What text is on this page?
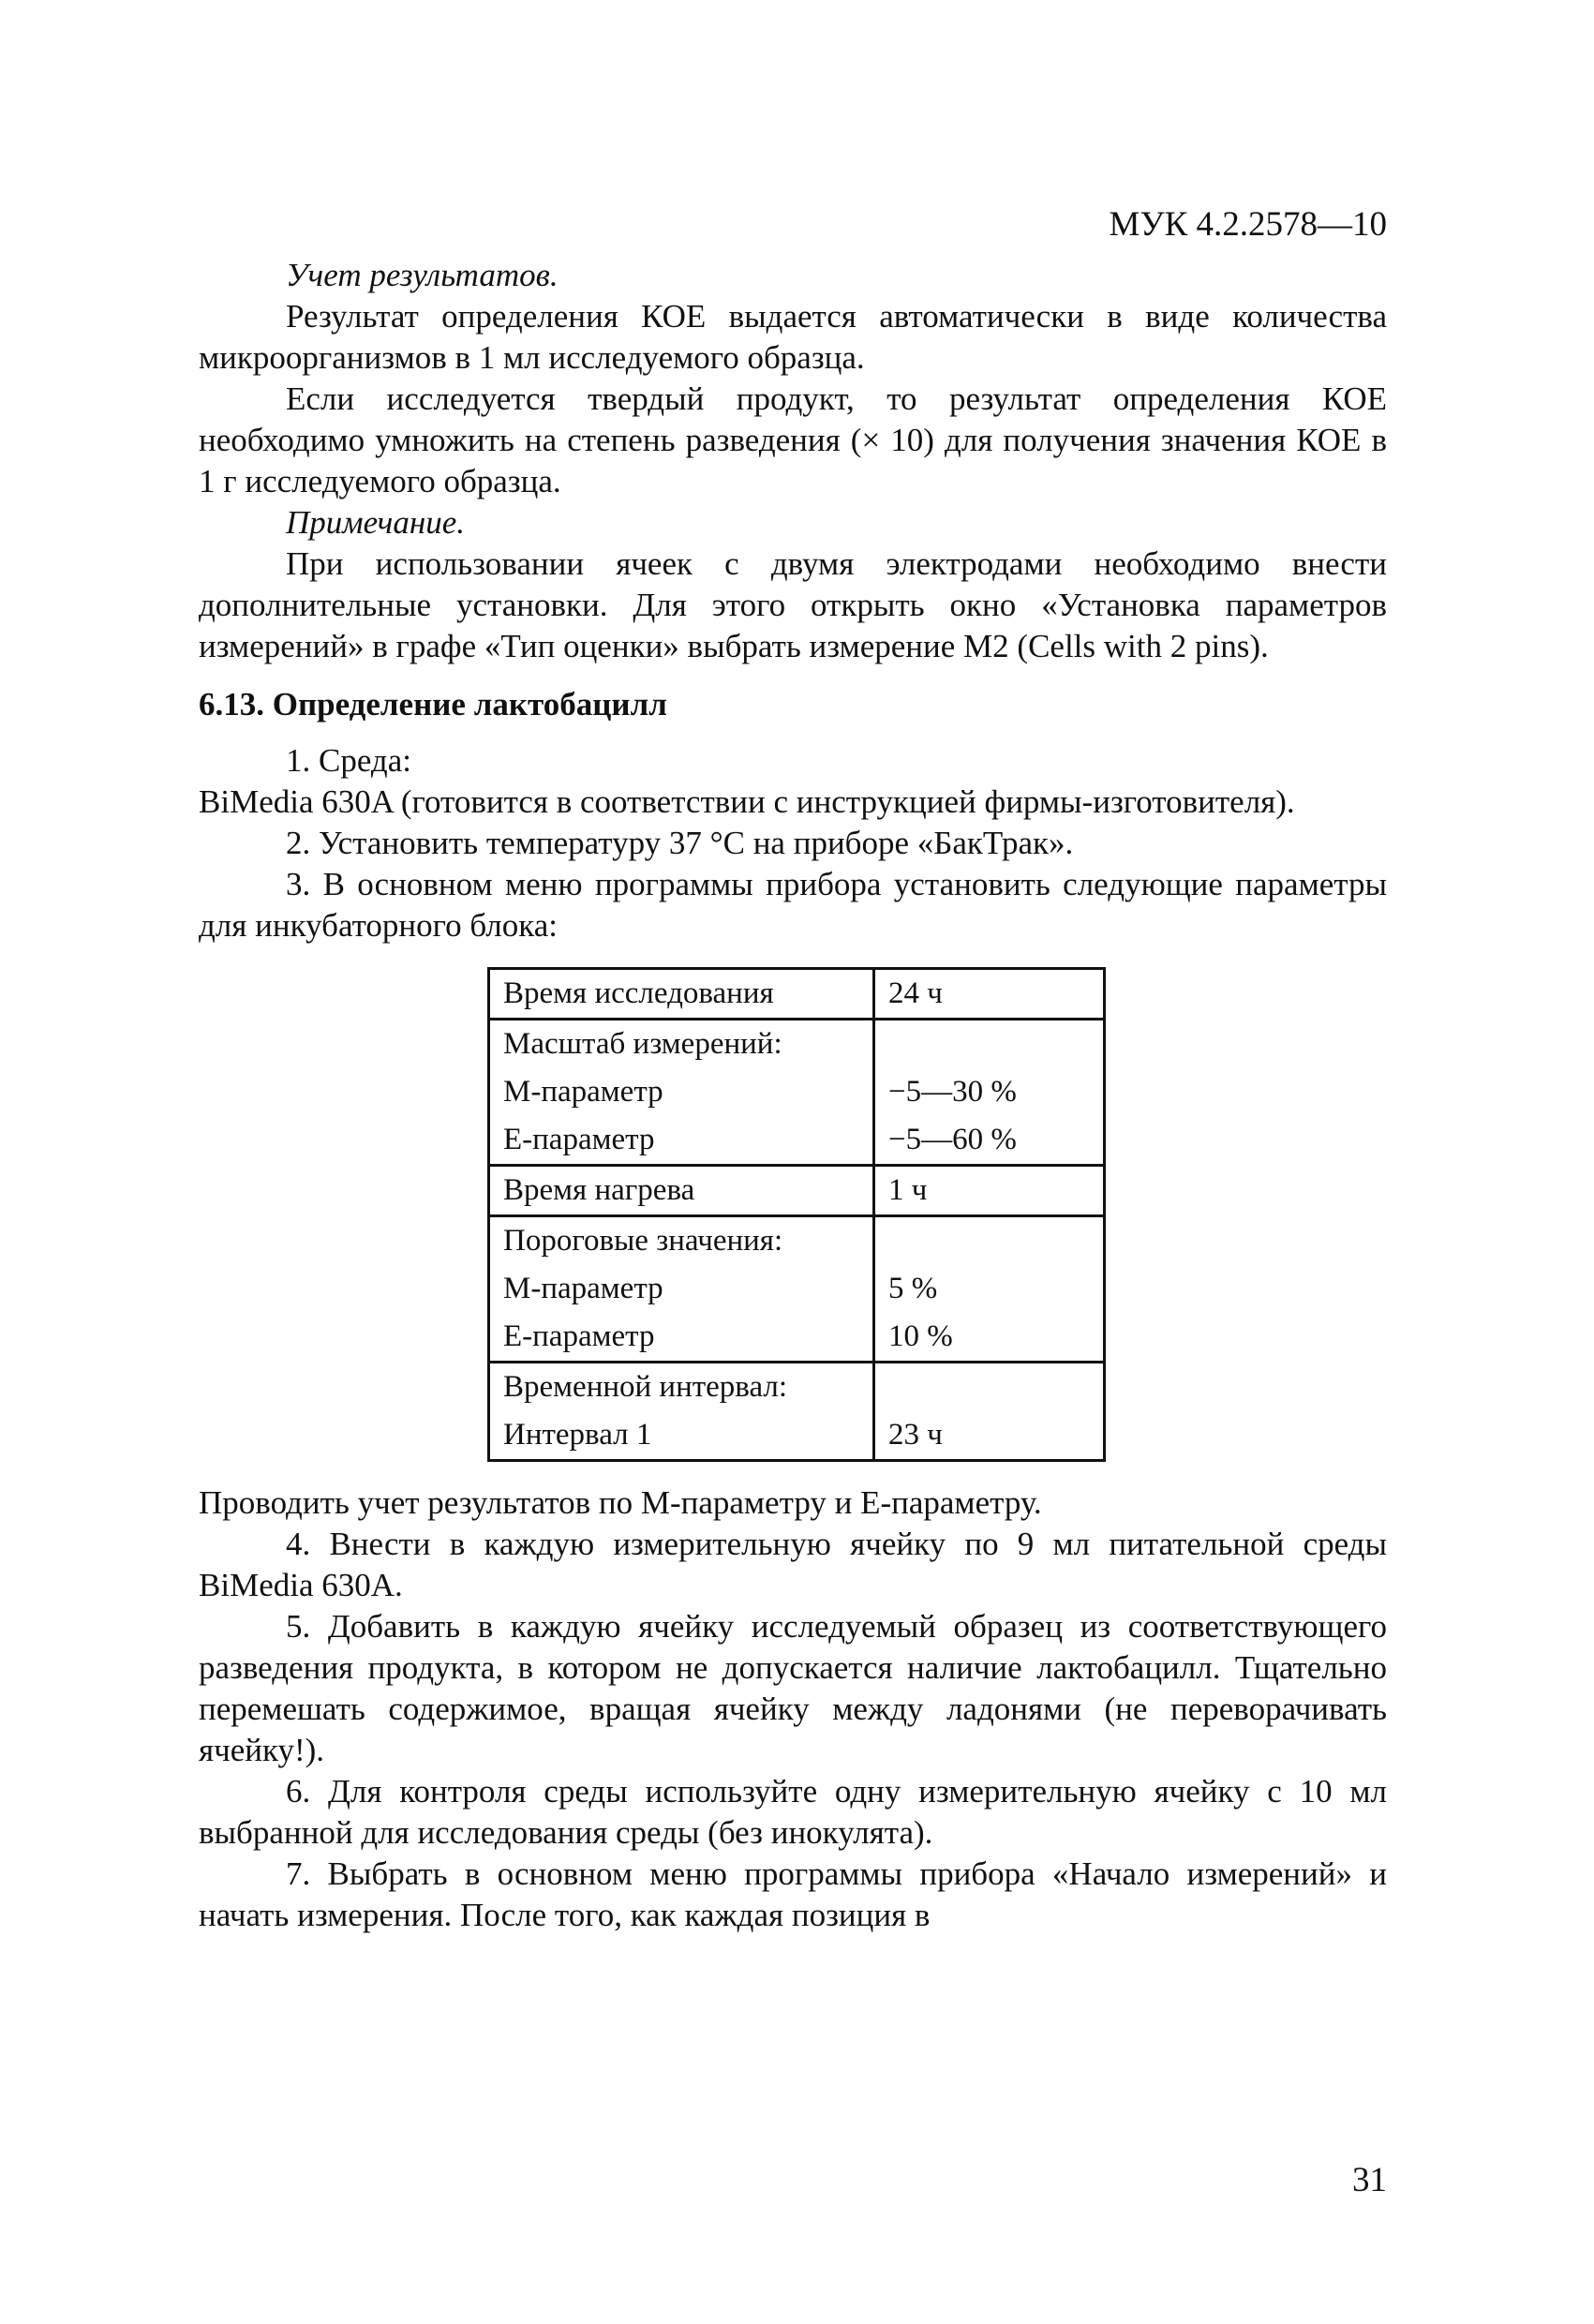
МУК 4.2.2578—10

Учет результатов.

Результат определения КОЕ выдается автоматически в виде количества микроорганизмов в 1 мл исследуемого образца.

Если исследуется твердый продукт, то результат определения КОЕ необходимо умножить на степень разведения (× 10) для получения значения КОЕ в 1 г исследуемого образца.

Примечание.

При использовании ячеек с двумя электродами необходимо внести дополнительные установки. Для этого открыть окно «Установка параметров измерений» в графе «Тип оценки» выбрать измерение М2 (Cells with 2 pins).

6.13. Определение лактобацилл

1. Среда:

BiMedia 630A (готовится в соответствии с инструкцией фирмы-изготовителя).

2. Установить температуру 37 °С на приборе «БакТрак».

3. В основном меню программы прибора установить следующие параметры для инкубаторного блока:

Время исследования	24 ч
Масштаб измерений:	
М-параметр	−5—30 %
Е-параметр	−5—60 %
Время нагрева	1 ч
Пороговые значения:	
М-параметр	5 %
Е-параметр	10 %
Временной интервал:	
Интервал 1	23 ч

Проводить учет результатов по М-параметру и Е-параметру.

4. Внести в каждую измерительную ячейку по 9 мл питательной среды BiMedia 630A.

5. Добавить в каждую ячейку исследуемый образец из соответствующего разведения продукта, в котором не допускается наличие лактобацилл. Тщательно перемешать содержимое, вращая ячейку между ладонями (не переворачивать ячейку!).

6. Для контроля среды используйте одну измерительную ячейку с 10 мл выбранной для исследования среды (без инокулята).

7. Выбрать в основном меню программы прибора «Начало измерений» и начать измерения. После того, как каждая позиция в

31
